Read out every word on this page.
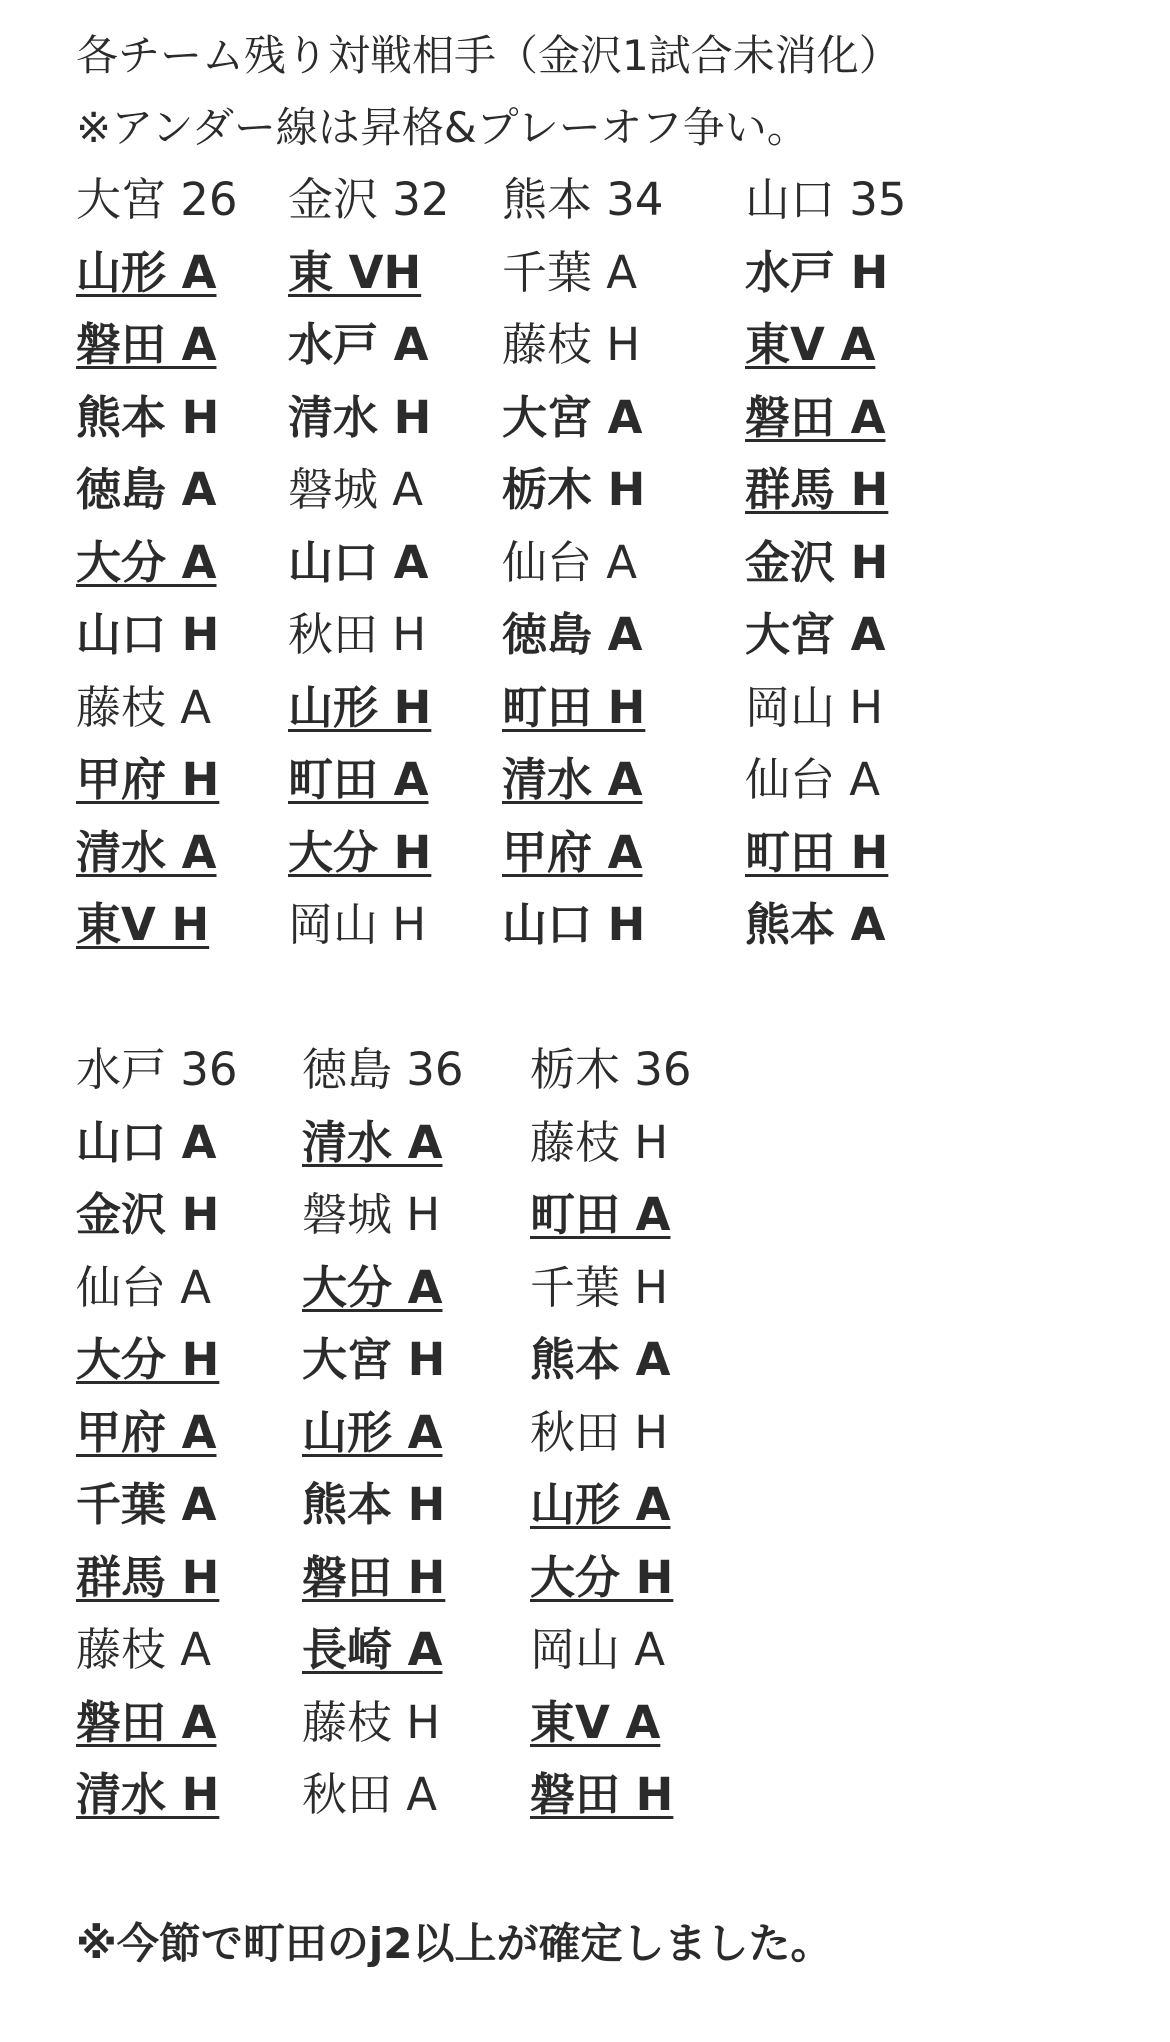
各チーム残り対戦相手（金沢1試合未消化）
※アンダー線は昇格&プレーオフ争い。
大宮 26
山形 A
磐田 A
熊本 H
徳島 A
大分 A
山口 H
藤枝 A
甲府 H
清水 A
東V H
金沢 32
東 VH
水戸 A
清水 H
磐城 A
山口 A
秋田 H
山形 H
町田 A
大分 H
岡山 H
熊本 34
千葉 A
藤枝 H
大宮 A
栃木 H
仙台 A
徳島 A
町田 H
清水 A
甲府 A
山口 H
山口 35
水戸 H
東V A
磐田 A
群馬 H
金沢 H
大宮 A
岡山 H
仙台 A
町田 H
熊本 A
水戸 36
山口 A
金沢 H
仙台 A
大分 H
甲府 A
千葉 A
群馬 H
藤枝 A
磐田 A
清水 H
徳島 36
清水 A
磐城 H
大分 A
大宮 H
山形 A
熊本 H
磐田 H
長崎 A
藤枝 H
秋田 A
栃木 36
藤枝 H
町田 A
千葉 H
熊本 A
秋田 H
山形 A
大分 H
岡山 A
東V A
磐田 H
※今節で町田のj2以上が確定しました。
